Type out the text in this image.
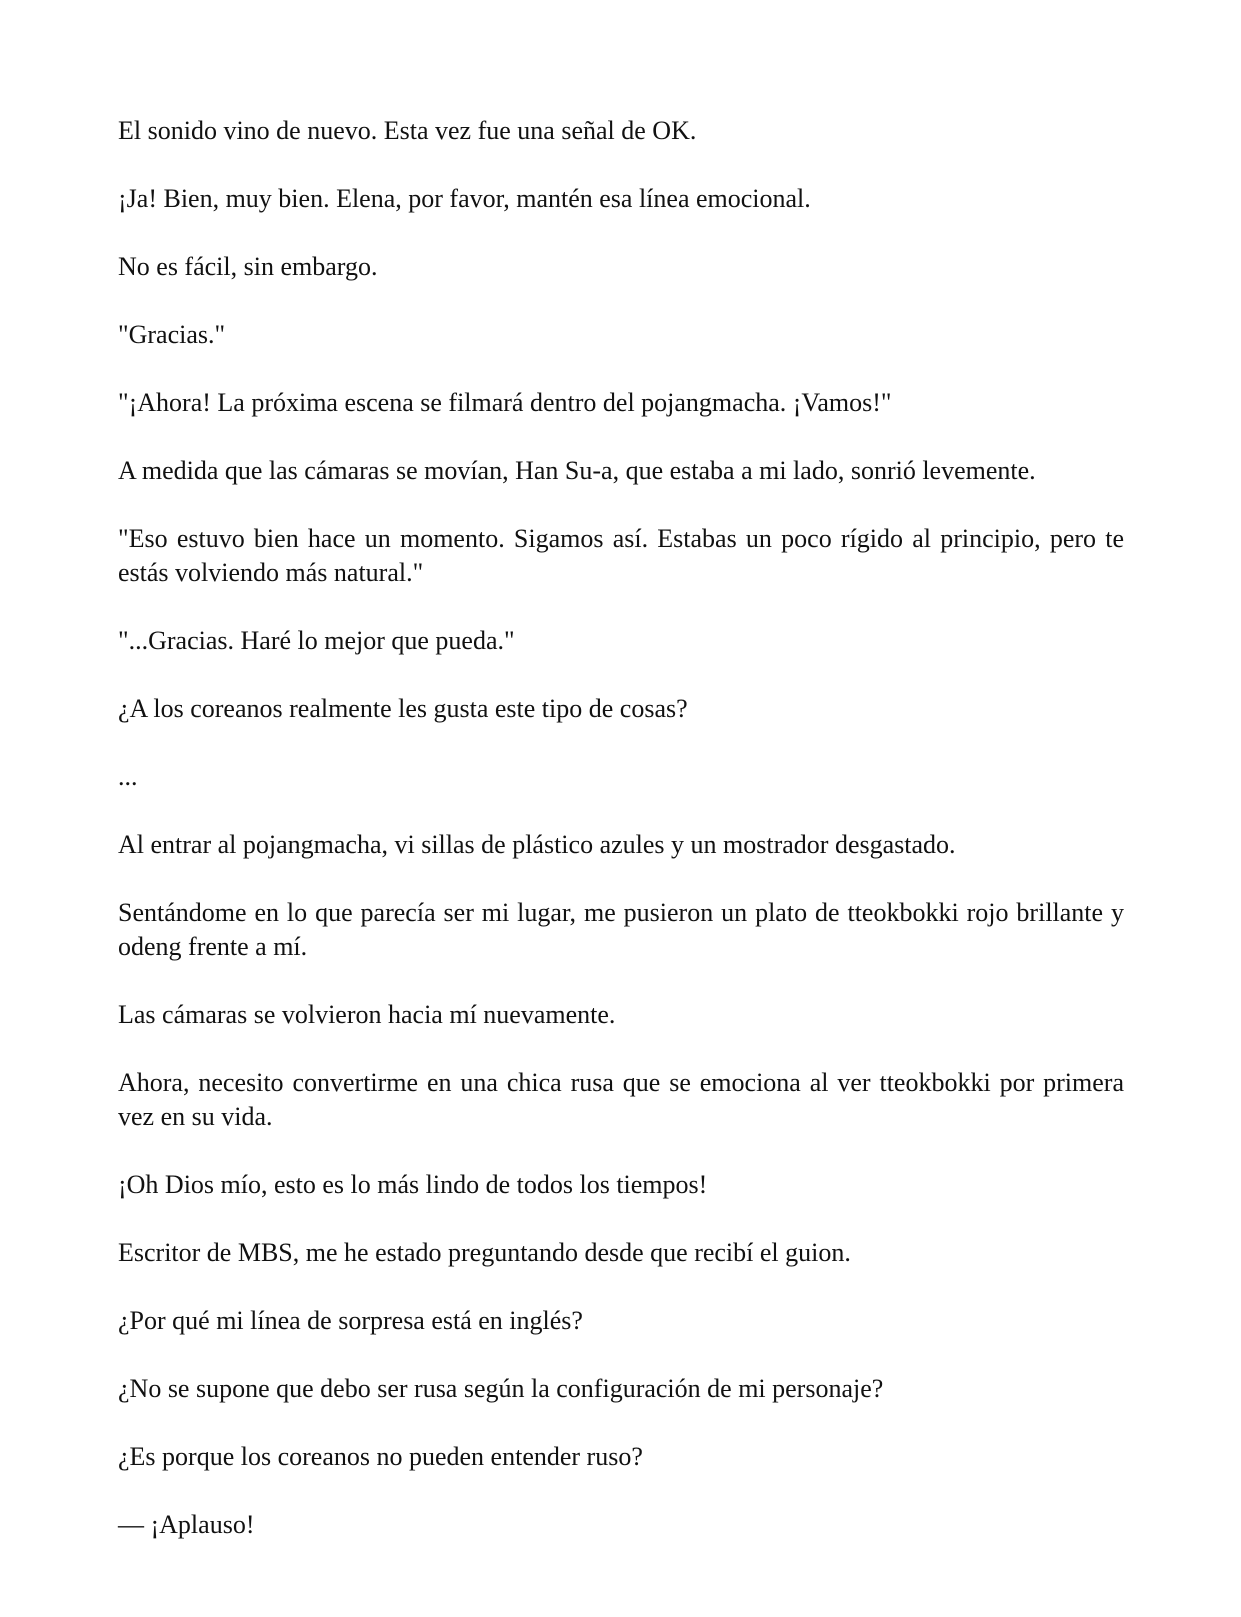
El sonido vino de nuevo. Esta vez fue una señal de OK.

¡Ja! Bien, muy bien. Elena, por favor, mantén esa línea emocional.

No es fácil, sin embargo.

"Gracias."

"¡Ahora! La próxima escena se filmará dentro del pojangmacha. ¡Vamos!"

A medida que las cámaras se movían, Han Su-a, que estaba a mi lado, sonrió levemente.

"Eso estuvo bien hace un momento. Sigamos así. Estabas un poco rígido al principio, pero te estás volviendo más natural."

"...Gracias. Haré lo mejor que pueda."

¿A los coreanos realmente les gusta este tipo de cosas?

...

Al entrar al pojangmacha, vi sillas de plástico azules y un mostrador desgastado.

Sentándome en lo que parecía ser mi lugar, me pusieron un plato de tteokbokki rojo brillante y odeng frente a mí.

Las cámaras se volvieron hacia mí nuevamente.

Ahora, necesito convertirme en una chica rusa que se emociona al ver tteokbokki por primera vez en su vida.

¡Oh Dios mío, esto es lo más lindo de todos los tiempos!

Escritor de MBS, me he estado preguntando desde que recibí el guion.

¿Por qué mi línea de sorpresa está en inglés?

¿No se supone que debo ser rusa según la configuración de mi personaje?

¿Es porque los coreanos no pueden entender ruso?

— ¡Aplauso!
